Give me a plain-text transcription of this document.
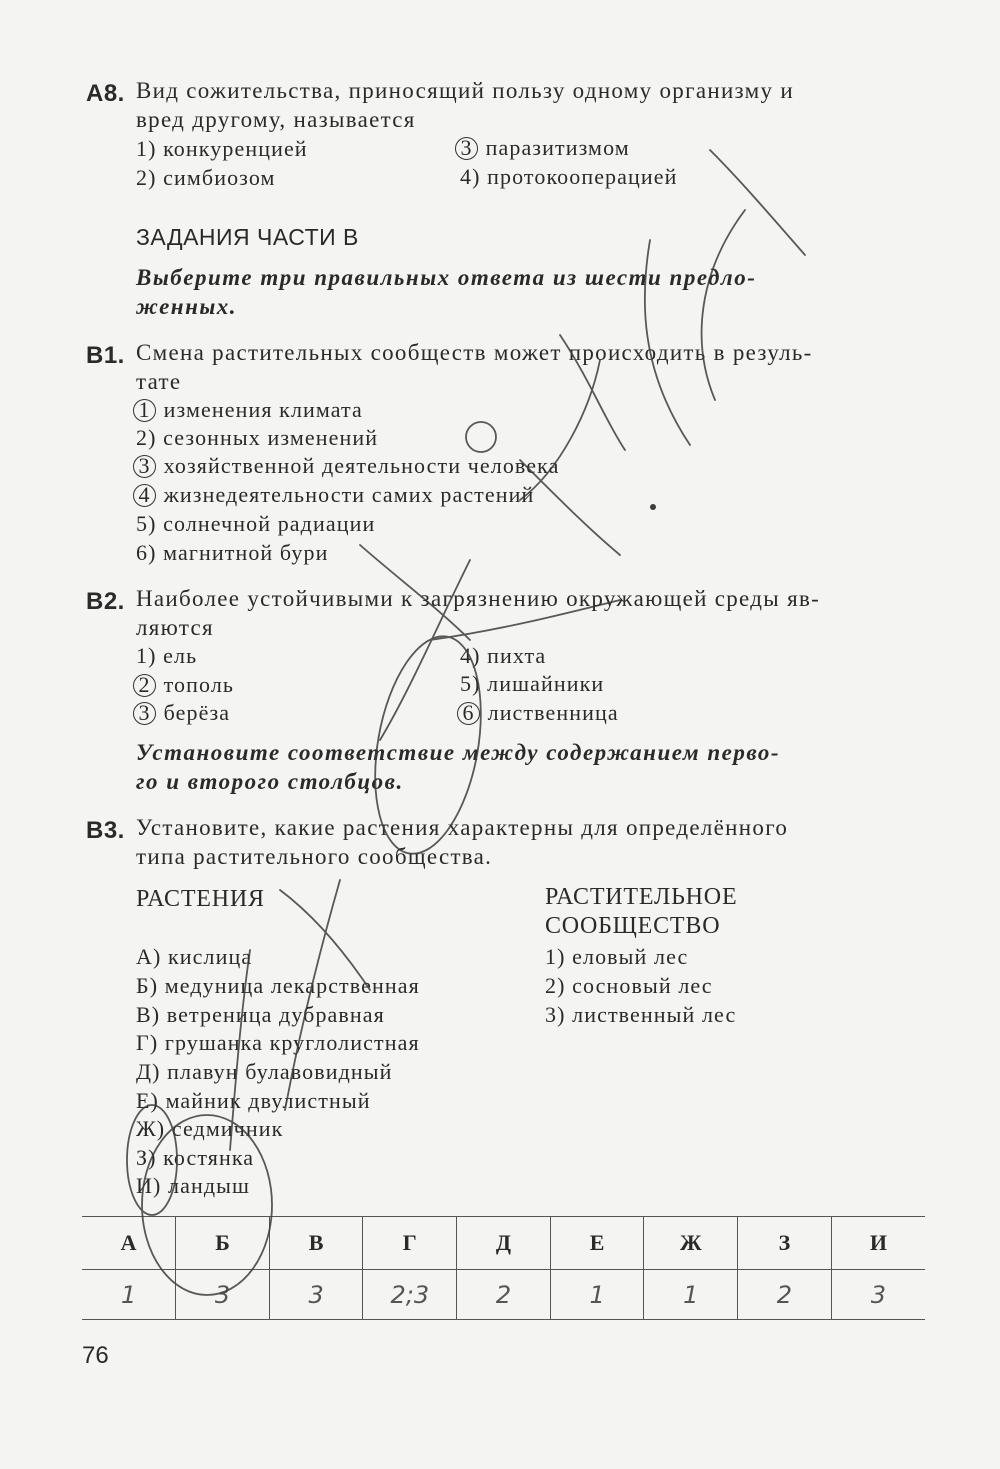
А8. Вид сожительства, приносящий пользу одному организму и
вред другому, называется
1) конкуренцией	3 паразитизмом
2) симбиозом	4) протокооперацией
ЗАДАНИЯ ЧАСТИ В
Выберите три правильных ответа из шести предло-
женных.
В1. Смена растительных сообществ может происходить в резуль-
тате
1 изменения климата
2) сезонных изменений
3 хозяйственной деятельности человека
4 жизнедеятельности самих растений
5) солнечной радиации
6) магнитной бури
В2. Наиболее устойчивыми к загрязнению окружающей среды яв-
ляются
1) ель	4) пихта
2 тополь	5) лишайники
3 берёза	6 лиственница
Установите соответствие между содержанием перво-
го и второго столбцов.
В3. Установите, какие растения характерны для определённого
типа растительного сообщества.
РАСТЕНИЯ	РАСТИТЕЛЬНОЕ
СООБЩЕСТВО
А) кислица
Б) медуница лекарственная
В) ветреница дубравная
Г) грушанка круглолистная
Д) плавун булавовидный
Е) майник двулистный
Ж) седмичник
З) костянка
И) ландыш
1) еловый лес
2) сосновый лес
3) лиственный лес
А	Б	В	Г	Д	Е	Ж	З	И
1	3	3	2;3	2	1	1	2	3
76
